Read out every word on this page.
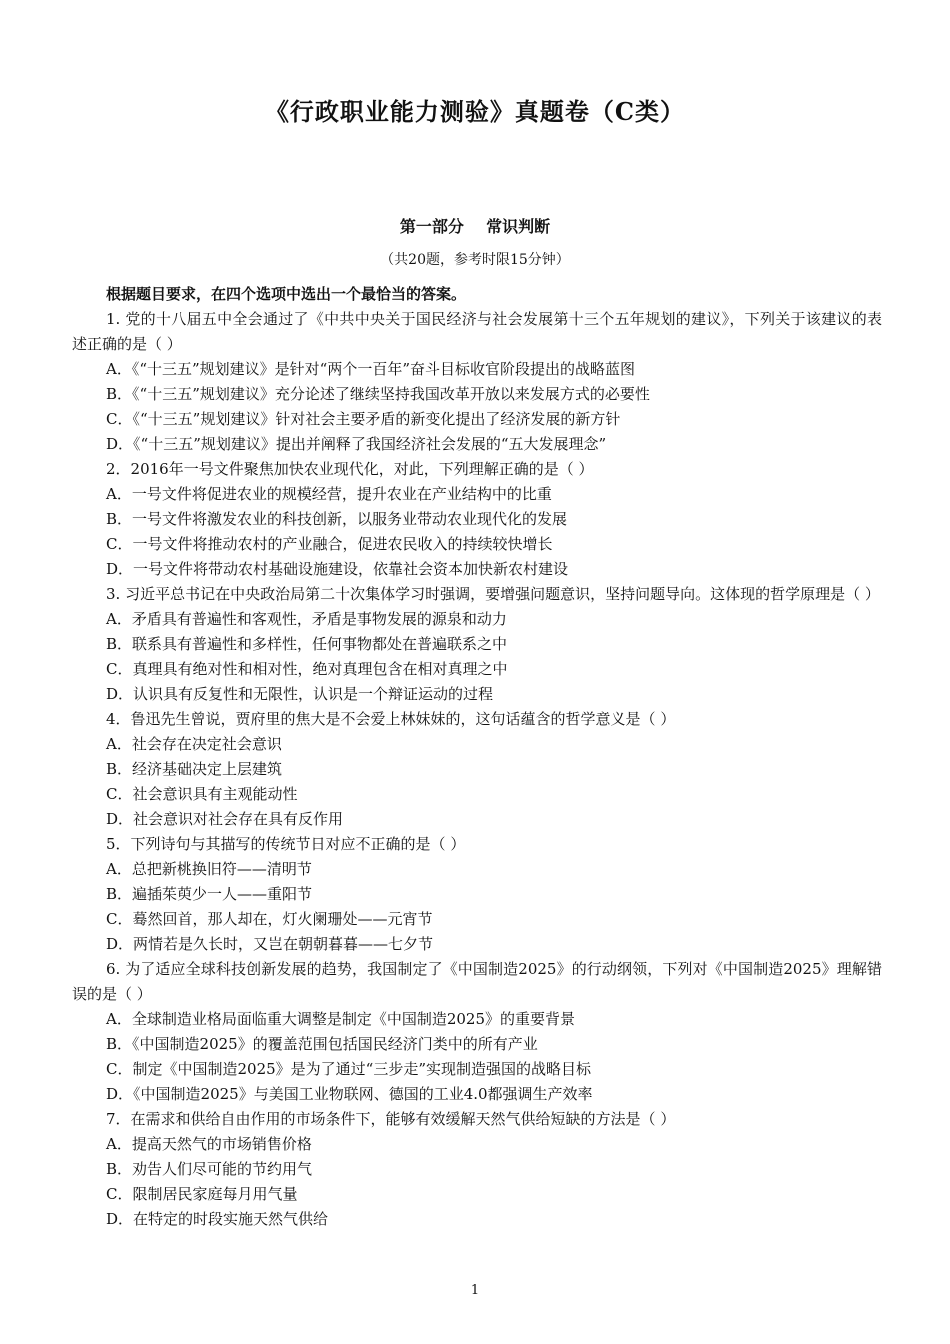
《行政职业能力测验》真题卷（C类）
第一部分    常识判断
（共20题，参考时限15分钟）
根据题目要求，在四个选项中选出一个最恰当的答案。
1. 党的十八届五中全会通过了《中共中央关于国民经济与社会发展第十三个五年规划的建议》，下列关于该建议的表述正确的是（ ）
A．《“十三五”规划建议》是针对“两个一百年”奋斗目标收官阶段提出的战略蓝图
B．《“十三五”规划建议》充分论述了继续坚持我国改革开放以来发展方式的必要性
C．《“十三五”规划建议》针对社会主要矛盾的新变化提出了经济发展的新方针
D．《“十三五”规划建议》提出并阐释了我国经济社会发展的“五大发展理念”
2．2016年一号文件聚焦加快农业现代化，对此，下列理解正确的是（ ）
A．一号文件将促进农业的规模经营，提升农业在产业结构中的比重
B．一号文件将激发农业的科技创新，以服务业带动农业现代化的发展
C．一号文件将推动农村的产业融合，促进农民收入的持续较快增长
D．一号文件将带动农村基础设施建设，依靠社会资本加快新农村建设
3. 习近平总书记在中央政治局第二十次集体学习时强调，要增强问题意识，坚持问题导向。这体现的哲学原理是（ ）
A．矛盾具有普遍性和客观性，矛盾是事物发展的源泉和动力
B．联系具有普遍性和多样性，任何事物都处在普遍联系之中
C．真理具有绝对性和相对性，绝对真理包含在相对真理之中
D．认识具有反复性和无限性，认识是一个辩证运动的过程
4．鲁迅先生曾说，贾府里的焦大是不会爱上林妹妹的，这句话蕴含的哲学意义是（ ）
A．社会存在决定社会意识
B．经济基础决定上层建筑
C．社会意识具有主观能动性
D．社会意识对社会存在具有反作用
5．下列诗句与其描写的传统节日对应不正确的是（ ）
A．总把新桃换旧符——清明节
B．遍插茱萸少一人——重阳节
C．蓦然回首，那人却在，灯火阑珊处——元宵节
D．两情若是久长时，又岂在朝朝暮暮——七夕节
6. 为了适应全球科技创新发展的趋势，我国制定了《中国制造2025》的行动纲领，下列对《中国制造2025》理解错误的是（ ）
A．全球制造业格局面临重大调整是制定《中国制造2025》的重要背景
B．《中国制造2025》的覆盖范围包括国民经济门类中的所有产业
C．制定《中国制造2025》是为了通过“三步走”实现制造强国的战略目标
D．《中国制造2025》与美国工业物联网、德国的工业4.0都强调生产效率
7．在需求和供给自由作用的市场条件下，能够有效缓解天然气供给短缺的方法是（ ）
A．提高天然气的市场销售价格
B．劝告人们尽可能的节约用气
C．限制居民家庭每月用气量
D．在特定的时段实施天然气供给
1
